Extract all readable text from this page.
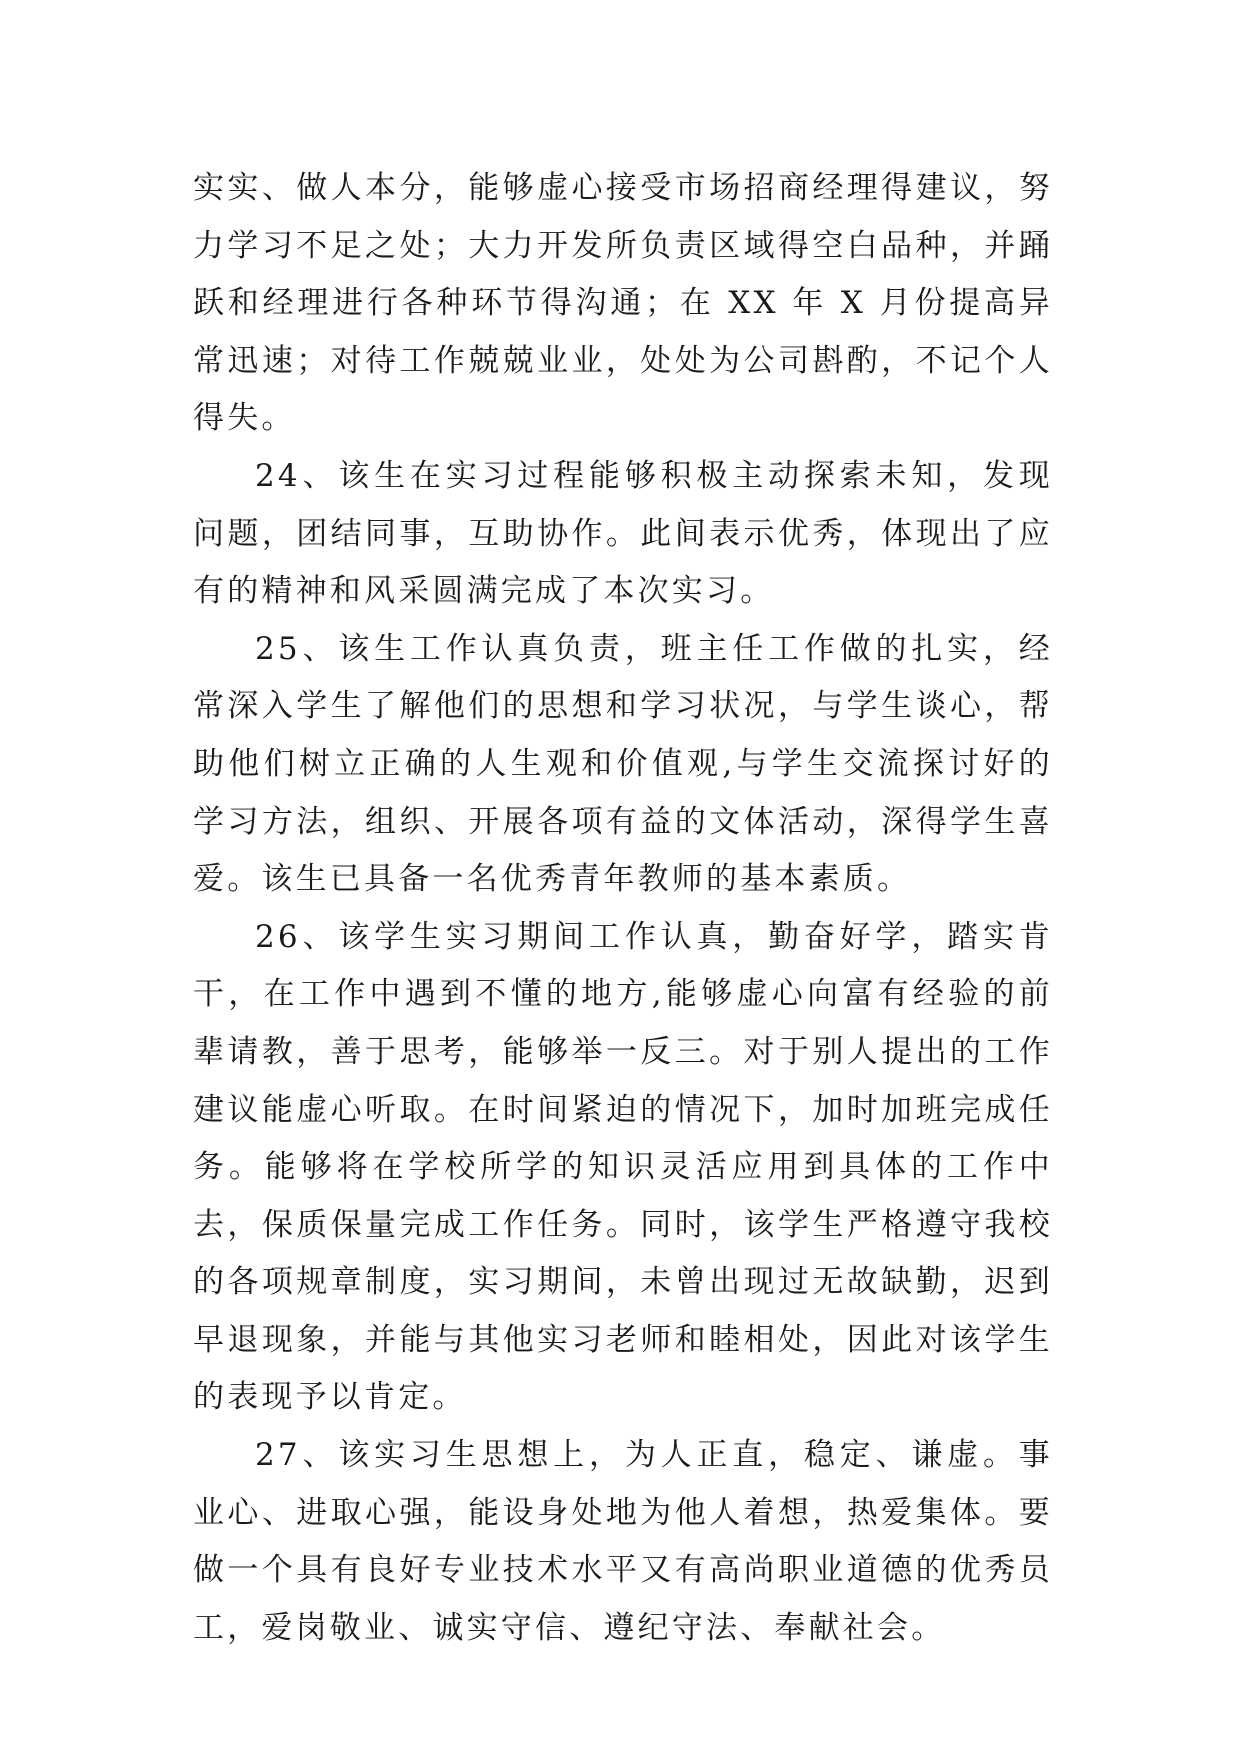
实实、做人本分，能够虚心接受市场招商经理得建议，努力学习不足之处；大力开发所负责区域得空白品种，并踊跃和经理进行各种环节得沟通；在 XX 年 X 月份提高异常迅速；对待工作兢兢业业，处处为公司斟酌，不记个人得失。

24、该生在实习过程能够积极主动探索未知，发现问题，团结同事，互助协作。此间表示优秀，体现出了应有的精神和风采圆满完成了本次实习。

25、该生工作认真负责，班主任工作做的扎实，经常深入学生了解他们的思想和学习状况，与学生谈心，帮助他们树立正确的人生观和价值观,与学生交流探讨好的学习方法，组织、开展各项有益的文体活动，深得学生喜爱。该生已具备一名优秀青年教师的基本素质。

26、该学生实习期间工作认真，勤奋好学，踏实肯干，在工作中遇到不懂的地方,能够虚心向富有经验的前辈请教，善于思考，能够举一反三。对于别人提出的工作建议能虚心听取。在时间紧迫的情况下，加时加班完成任务。能够将在学校所学的知识灵活应用到具体的工作中去，保质保量完成工作任务。同时，该学生严格遵守我校的各项规章制度，实习期间，未曾出现过无故缺勤，迟到早退现象，并能与其他实习老师和睦相处，因此对该学生的表现予以肯定。

27、该实习生思想上，为人正直，稳定、谦虚。事业心、进取心强，能设身处地为他人着想，热爱集体。要做一个具有良好专业技术水平又有高尚职业道德的优秀员工，爱岗敬业、诚实守信、遵纪守法、奉献社会。
